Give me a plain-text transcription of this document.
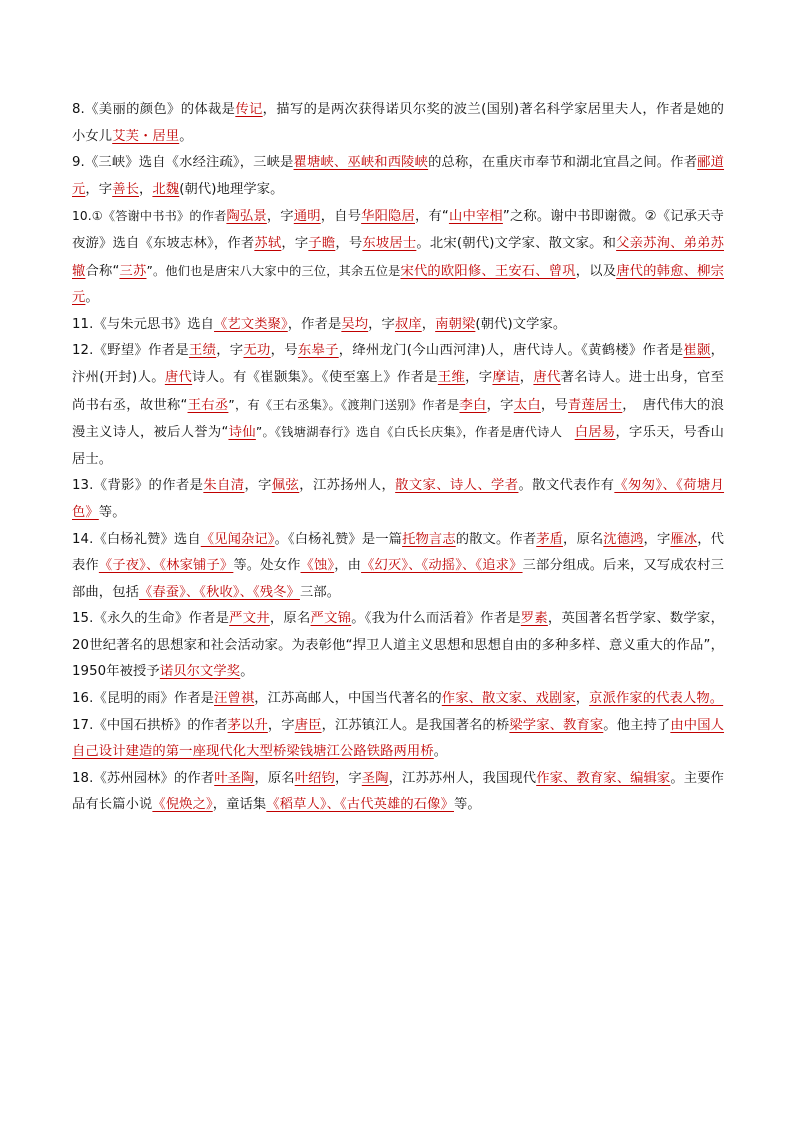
8.《美丽的颜色》的体裁是传记，描写的是两次获得诺贝尔奖的波兰(国别)著名科学家居里夫人，作者是她的小女儿艾芙・居里。

9.《三峡》选自《水经注疏》，三峡是瞿塘峡、巫峡和西陵峡的总称，在重庆市奉节和湖北宜昌之间。作者郦道元，字善长，北魏(朝代)地理学家。

10.①《答谢中书书》的作者陶弘景，字通明，自号华阳隐居，有“山中宰相”之称。谢中书即谢微。②《记承天寺夜游》选自《东坡志林》，作者苏轼，字子瞻，号东坡居士。北宋(朝代)文学家、散文家。和父亲苏洵、弟弟苏辙合称“三苏”。他们也是唐宋八大家中的三位，其余五位是宋代的欧阳修、王安石、曾巩，以及唐代的韩愈、柳宗元。

11.《与朱元思书》选自《艺文类聚》，作者是吴均，字叔庠，南朝梁(朝代)文学家。

12.《野望》作者是王绩，字无功，号东皋子，绛州龙门(今山西河津)人，唐代诗人。《黄鹤楼》作者是崔颢，汴州(开封)人。唐代诗人。有《崔颢集》。《使至塞上》作者是王维，字摩诘，唐代著名诗人。进士出身，官至尚书右丞，故世称“王右丞”，有《王右丞集》。《渡荆门送别》作者是李白，字太白，号青莲居士，　唐代伟大的浪漫主义诗人，被后人誉为“诗仙”。《钱塘湖春行》选自《白氏长庆集》，作者是唐代诗人　白居易，字乐天，号香山居士。

13.《背影》的作者是朱自清，字佩弦，江苏扬州人，散文家、诗人、学者。散文代表作有《匆匆》、《荷塘月色》等。

14.《白杨礼赞》选自《见闻杂记》。《白杨礼赞》是一篇托物言志的散文。作者茅盾，原名沈德鸿，字雁冰，代表作《子夜》、《林家铺子》等。处女作《蚀》，由《幻灭》、《动摇》、《追求》三部分组成。后来，又写成农村三部曲，包括《春蚕》、《秋收》、《残冬》三部。

15.《永久的生命》作者是严文井，原名严文锦。《我为什么而活着》作者是罗素，英国著名哲学家、数学家，20世纪著名的思想家和社会活动家。为表彰他“捍卫人道主义思想和思想自由的多种多样、意义重大的作品”，1950年被授予诺贝尔文学奖。

16.《昆明的雨》作者是汪曾祺，江苏高邮人，中国当代著名的作家、散文家、戏剧家，京派作家的代表人物。

17.《中国石拱桥》的作者茅以升，字唐臣，江苏镇江人。是我国著名的桥梁学家、教育家。他主持了由中国人自己设计建造的第一座现代化大型桥梁钱塘江公路铁路两用桥。

18.《苏州园林》的作者叶圣陶，原名叶绍钧，字圣陶，江苏苏州人，我国现代作家、教育家、编辑家。主要作品有长篇小说《倪焕之》，童话集《稻草人》、《古代英雄的石像》等。
